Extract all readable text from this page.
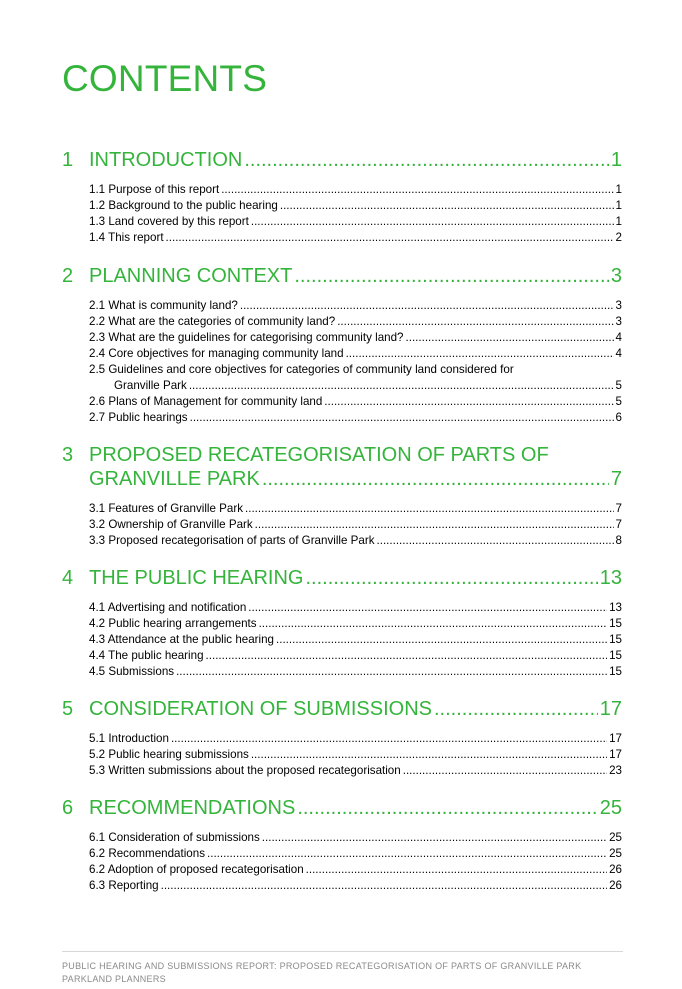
CONTENTS
1 INTRODUCTION .....	1
1.1 Purpose of this report .....	1
1.2 Background to the public hearing .....	1
1.3 Land covered by this report .....	1
1.4 This report .....	2
2 PLANNING CONTEXT .....	3
2.1 What is community land? .....	3
2.2 What are the categories of community land? .....	3
2.3 What are the guidelines for categorising community land? .....	4
2.4 Core objectives for managing community land .....	4
2.5 Guidelines and core objectives for categories of community land considered for
Granville Park .....	5
2.6 Plans of Management for community land .....	5
2.7 Public hearings .....	6
3 PROPOSED RECATEGORISATION OF PARTS OF
GRANVILLE PARK .....	7
3.1 Features of Granville Park .....	7
3.2 Ownership of Granville Park .....	7
3.3 Proposed recategorisation of parts of Granville Park .....	8
4 THE PUBLIC HEARING .....	13
4.1 Advertising and notification .....	13
4.2 Public hearing arrangements .....	15
4.3 Attendance at the public hearing .....	15
4.4 The public hearing .....	15
4.5 Submissions .....	15
5 CONSIDERATION OF SUBMISSIONS .....	17
5.1 Introduction .....	17
5.2 Public hearing submissions .....	17
5.3 Written submissions about the proposed recategorisation .....	23
6 RECOMMENDATIONS .....	25
6.1 Consideration of submissions .....	25
6.2 Recommendations .....	25
6.2 Adoption of proposed recategorisation .....	26
6.3 Reporting .....	26
PUBLIC HEARING AND SUBMISSIONS REPORT: PROPOSED RECATEGORISATION OF PARTS OF GRANVILLE PARK
PARKLAND PLANNERS
